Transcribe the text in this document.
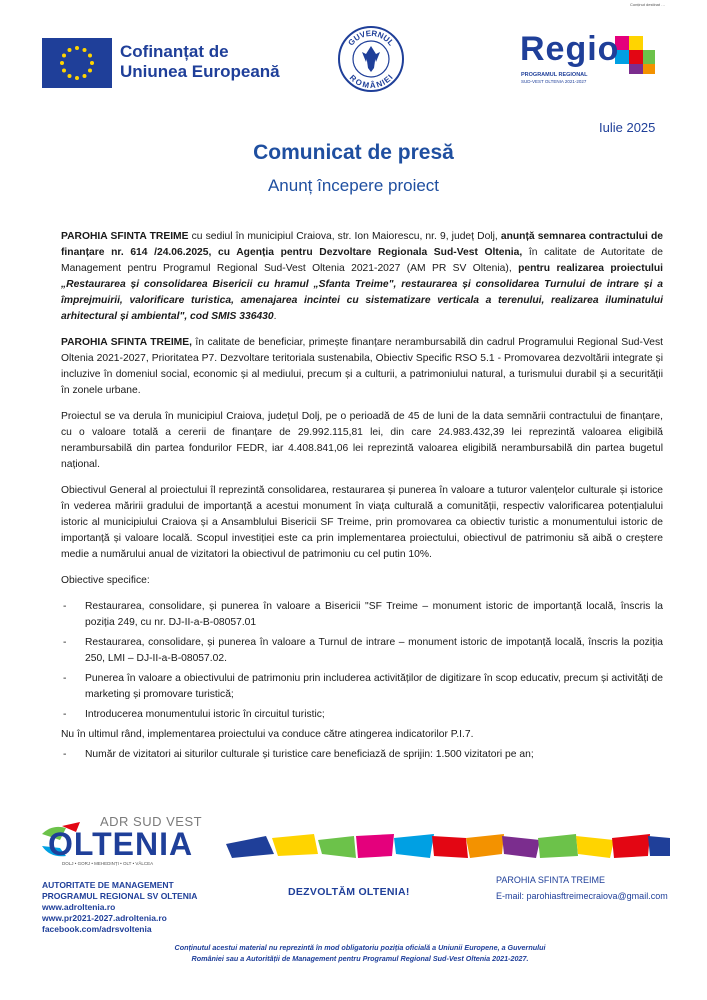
Conținut destinat …
Cofinanțat de
Uniunea Europeană
GUVERNUL
ROMÂNIEI
Regio
PROGRAMUL REGIONAL
SUD-VEST OLTENIA 2021-2027
Iulie 2025
Comunicat de presă
Anunț începere proiect

PAROHIA SFINTA TREIME cu sediul în municipiul Craiova, str. Ion Maiorescu, nr. 9, județ Dolj, anunță semnarea contractului de finanțare nr. 614 /24.06.2025, cu Agenția pentru Dezvoltare Regionala Sud-Vest Oltenia, în calitate de Autoritate de Management pentru Programul Regional Sud-Vest Oltenia 2021-2027 (AM PR SV Oltenia), pentru realizarea proiectului „Restaurarea și consolidarea Bisericii cu hramul „Sfanta Treime", restaurarea și consolidarea Turnului de intrare și a împrejmuirii, valorificare turistica, amenajarea incintei cu sistematizare verticala a terenului, realizarea iluminatului arhitectural și ambiental", cod SMIS 336430.

PAROHIA SFINTA TREIME, în calitate de beneficiar, primește finanțare nerambursabilă din cadrul Programului Regional Sud-Vest Oltenia 2021-2027, Prioritatea P7. Dezvoltare teritoriala sustenabila, Obiectiv Specific RSO 5.1 - Promovarea dezvoltării integrate și incluzive în domeniul social, economic și al mediului, precum și a culturii, a patrimoniului natural, a turismului durabil și a securității în zonele urbane.

Proiectul se va derula în municipiul Craiova, județul Dolj, pe o perioadă de 45 de luni de la data semnării contractului de finanțare, cu o valoare totală a cererii de finanțare de 29.992.115,81 lei, din care 24.983.432,39 lei reprezintă valoarea eligibilă nerambursabilă din partea fondurilor FEDR, iar 4.408.841,06 lei reprezintă valoarea eligibilă nerambursabilă din partea bugetul național.

Obiectivul General al proiectului îl reprezintă consolidarea, restaurarea și punerea în valoare a tuturor valențelor culturale și istorice în vederea măririi gradului de importanță a acestui monument în viața culturală a comunității, respectiv valorificarea potențialului istoric al municipiului Craiova și a Ansamblului Bisericii SF Treime, prin promovarea ca obiectiv turistic a monumentului istoric de importanță și valoare locală. Scopul investiției este ca prin implementarea proiectului, obiectivul de patrimoniu să aibă o creștere medie a numărului anual de vizitatori la obiectivul de patrimoniu cu cel putin 10%.

Obiective specifice:

- Restaurarea, consolidare, și punerea în valoare a Bisericii "SF Treime – monument istoric de importanță locală, înscris la poziția 249, cu nr. DJ-II-a-B-08057.01
- Restaurarea, consolidare, și punerea în valoare a Turnul de intrare – monument istoric de impotanță locală, înscris la poziția 250, LMI – DJ-II-a-B-08057.02.
- Punerea în valoare a obiectivului de patrimoniu prin includerea activităților de digitizare în scop educativ, precum și activități de marketing și promovare turistică;
- Introducerea monumentului istoric în circuitul turistic;

Nu în ultimul rând, implementarea proiectului va conduce către atingerea indicatorilor P.I.7.

- Număr de vizitatori ai siturilor culturale și turistice care beneficiază de sprijin: 1.500 vizitatori pe an;
ADR SUD VEST
OLTENIA
DOLJ • GORJ • MEHEDINȚI • OLT • VÂLCEA
AUTORITATE DE MANAGEMENT
PROGRAMUL REGIONAL SV OLTENIA
www.adroltenia.ro
www.pr2021-2027.adroltenia.ro
facebook.com/adrsvoltenia
DEZVOLTĂM OLTENIA!
PAROHIA SFINTA TREIME
E-mail: parohiasftreimecraiova@gmail.com
Conținutul acestui material nu reprezintă în mod obligatoriu poziția oficială a Uniunii Europene, a Guvernului
României sau a Autorității de Management pentru Programul Regional Sud-Vest Oltenia 2021-2027.
